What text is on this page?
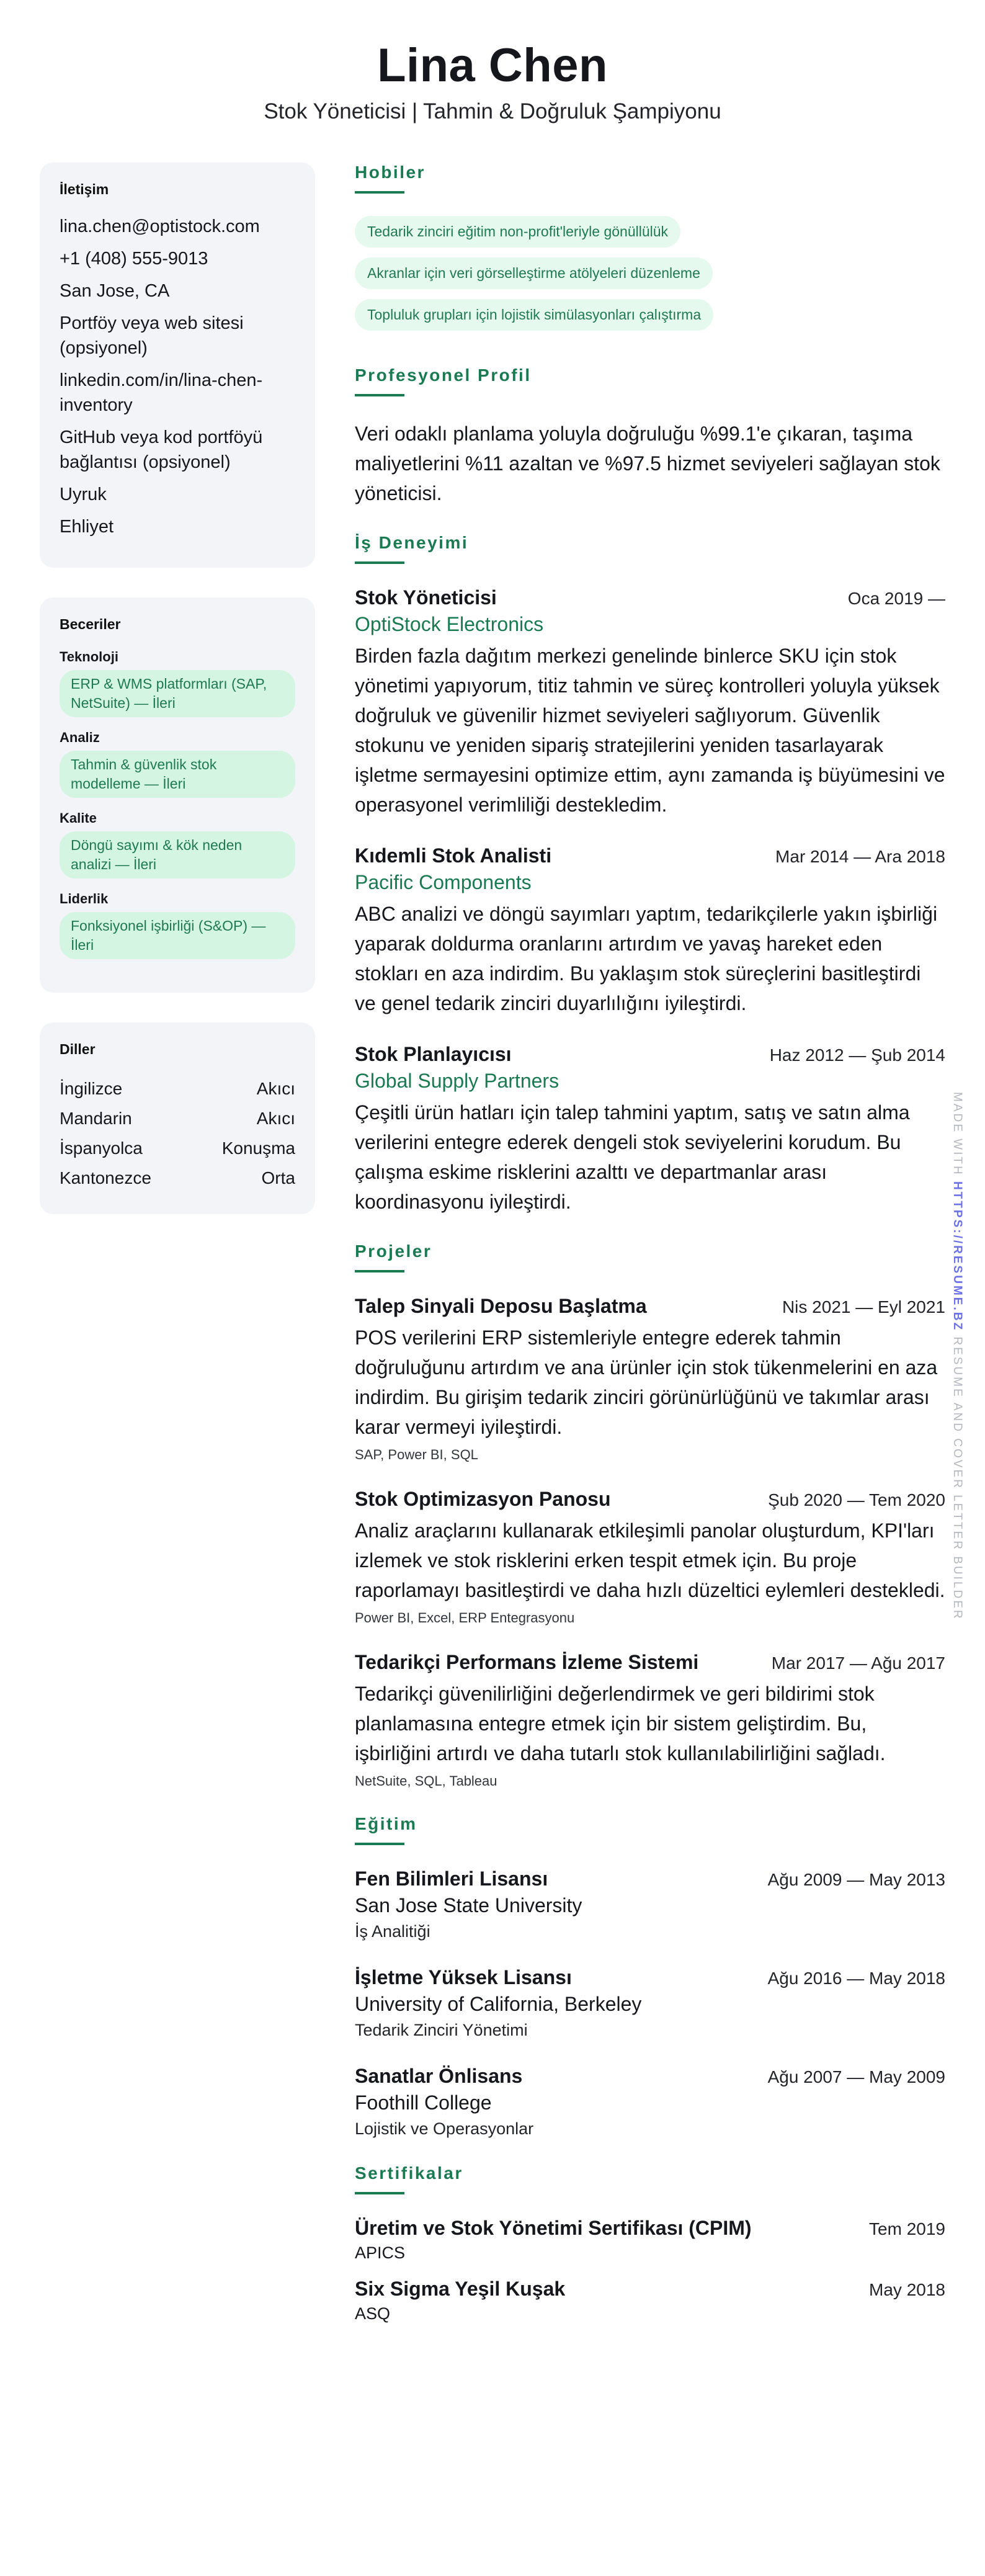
Lina Chen
Stok Yöneticisi | Tahmin & Doğruluk Şampiyonu
İletişim
lina.chen@optistock.com
+1 (408) 555-9013
San Jose, CA
Portföy veya web sitesi (opsiyonel)
linkedin.com/in/lina-chen-inventory
GitHub veya kod portföyü bağlantısı (opsiyonel)
Uyruk
Ehliyet
Beceriler
Teknoloji
ERP & WMS platformları (SAP, NetSuite) — İleri
Analiz
Tahmin & güvenlik stok modelleme — İleri
Kalite
Döngü sayımı & kök neden analizi — İleri
Liderlik
Fonksiyonel işbirliği (S&OP) — İleri
Diller
İngilizce	Akıcı
Mandarin	Akıcı
İspanyolca	Konuşma
Kantonezce	Orta
Hobiler
Tedarik zinciri eğitim non-profit'leriyle gönüllülük
Akranlar için veri görselleştirme atölyeleri düzenleme
Topluluk grupları için lojistik simülasyonları çalıştırma
Profesyonel Profil

Veri odaklı planlama yoluyla doğruluğu %99.1'e çıkaran, taşıma maliyetlerini %11 azaltan ve %97.5 hizmet seviyeleri sağlayan stok yöneticisi.

İş Deneyimi
Stok Yöneticisi	Oca 2019 —
OptiStock Electronics
Birden fazla dağıtım merkezi genelinde binlerce SKU için stok yönetimi yapıyorum, titiz tahmin ve süreç kontrolleri yoluyla yüksek doğruluk ve güvenilir hizmet seviyeleri sağlıyorum. Güvenlik stokunu ve yeniden sipariş stratejilerini yeniden tasarlayarak işletme sermayesini optimize ettim, aynı zamanda iş büyümesini ve operasyonel verimliliği destekledim.
Kıdemli Stok Analisti	Mar 2014 — Ara 2018
Pacific Components
ABC analizi ve döngü sayımları yaptım, tedarikçilerle yakın işbirliği yaparak doldurma oranlarını artırdım ve yavaş hareket eden stokları en aza indirdim. Bu yaklaşım stok süreçlerini basitleştirdi ve genel tedarik zinciri duyarlılığını iyileştirdi.
Stok Planlayıcısı	Haz 2012 — Şub 2014
Global Supply Partners
Çeşitli ürün hatları için talep tahmini yaptım, satış ve satın alma verilerini entegre ederek dengeli stok seviyelerini korudum. Bu çalışma eskime risklerini azalttı ve departmanlar arası koordinasyonu iyileştirdi.
Projeler
Talep Sinyali Deposu Başlatma	Nis 2021 — Eyl 2021
POS verilerini ERP sistemleriyle entegre ederek tahmin doğruluğunu artırdım ve ana ürünler için stok tükenmelerini en aza indirdim. Bu girişim tedarik zinciri görünürlüğünü ve takımlar arası karar vermeyi iyileştirdi.
SAP, Power BI, SQL
Stok Optimizasyon Panosu	Şub 2020 — Tem 2020
Analiz araçlarını kullanarak etkileşimli panolar oluşturdum, KPI'ları izlemek ve stok risklerini erken tespit etmek için. Bu proje raporlamayı basitleştirdi ve daha hızlı düzeltici eylemleri destekledi.
Power BI, Excel, ERP Entegrasyonu
Tedarikçi Performans İzleme Sistemi	Mar 2017 — Ağu 2017
Tedarikçi güvenilirliğini değerlendirmek ve geri bildirimi stok planlamasına entegre etmek için bir sistem geliştirdim. Bu, işbirliğini artırdı ve daha tutarlı stok kullanılabilirliğini sağladı.
NetSuite, SQL, Tableau
Eğitim
Fen Bilimleri Lisansı	Ağu 2009 — May 2013
San Jose State University
İş Analitiği
İşletme Yüksek Lisansı	Ağu 2016 — May 2018
University of California, Berkeley
Tedarik Zinciri Yönetimi
Sanatlar Önlisans	Ağu 2007 — May 2009
Foothill College
Lojistik ve Operasyonlar
Sertifikalar
Üretim ve Stok Yönetimi Sertifikası (CPIM)	Tem 2019
APICS
Six Sigma Yeşil Kuşak	May 2018
ASQ
MADE WITH HTTPS://RESUME.BZ RESUME AND COVER LETTER BUILDER
